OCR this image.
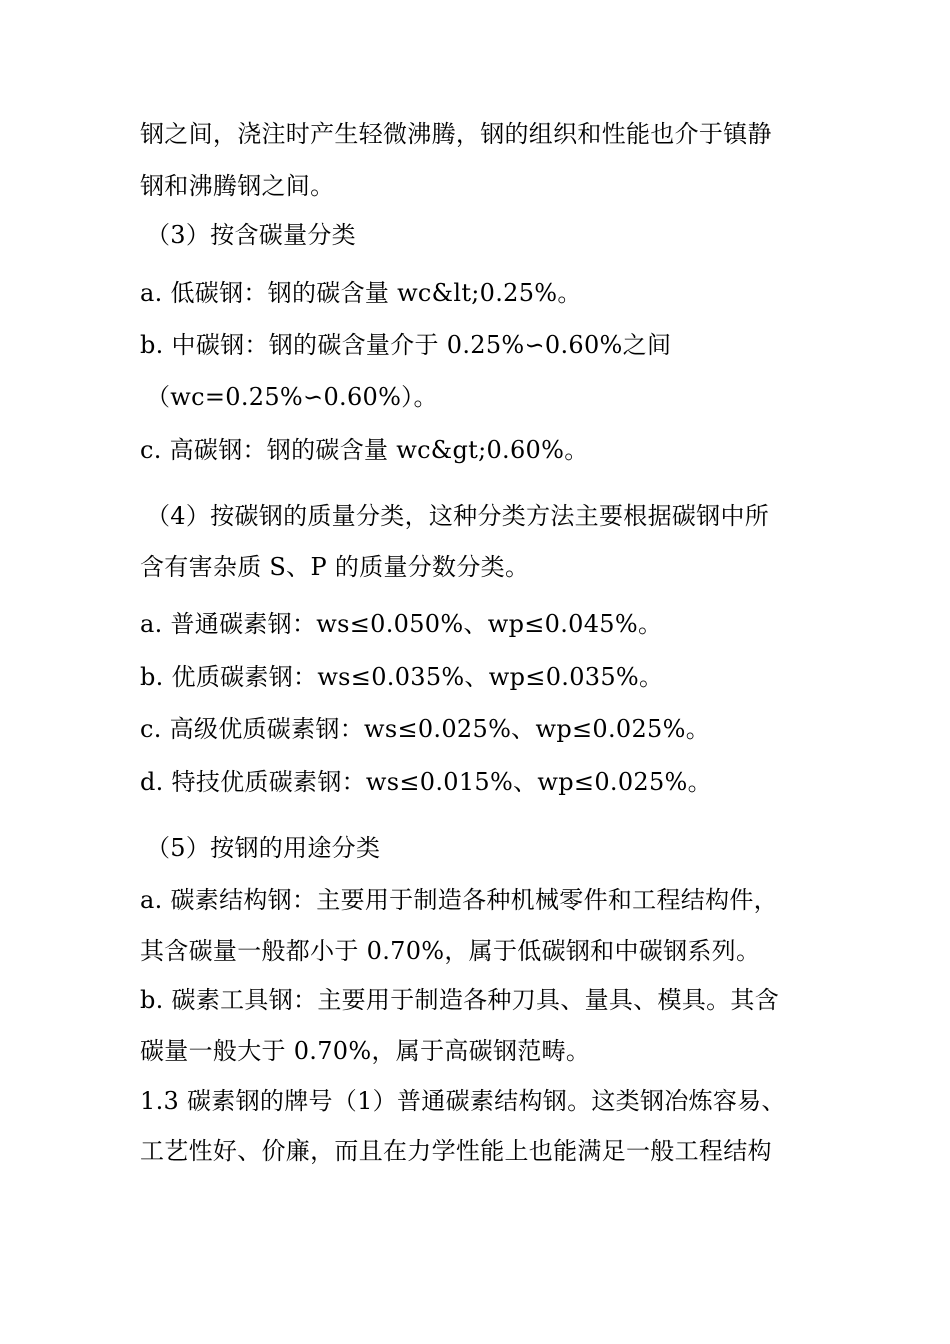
钢之间，浇注时产生轻微沸腾，钢的组织和性能也介于镇静
钢和沸腾钢之间。
（3）按含碳量分类
a. 低碳钢：钢的碳含量 wc&lt;0.25%。
b. 中碳钢：钢的碳含量介于 0.25%∽0.60%之间
（wc=0.25%∽0.60%）。
c. 高碳钢：钢的碳含量 wc&gt;0.60%。
（4）按碳钢的质量分类，这种分类方法主要根据碳钢中所
含有害杂质 S、P 的质量分数分类。
a. 普通碳素钢：ws≤0.050%、wp≤0.045%。
b. 优质碳素钢：ws≤0.035%、wp≤0.035%。
c. 高级优质碳素钢：ws≤0.025%、wp≤0.025%。
d. 特技优质碳素钢：ws≤0.015%、wp≤0.025%。
（5）按钢的用途分类
a. 碳素结构钢：主要用于制造各种机械零件和工程结构件，
其含碳量一般都小于 0.70%，属于低碳钢和中碳钢系列。
b. 碳素工具钢：主要用于制造各种刀具、量具、模具。其含
碳量一般大于 0.70%，属于高碳钢范畴。
1.3 碳素钢的牌号（1）普通碳素结构钢。这类钢冶炼容易、
工艺性好、价廉，而且在力学性能上也能满足一般工程结构
